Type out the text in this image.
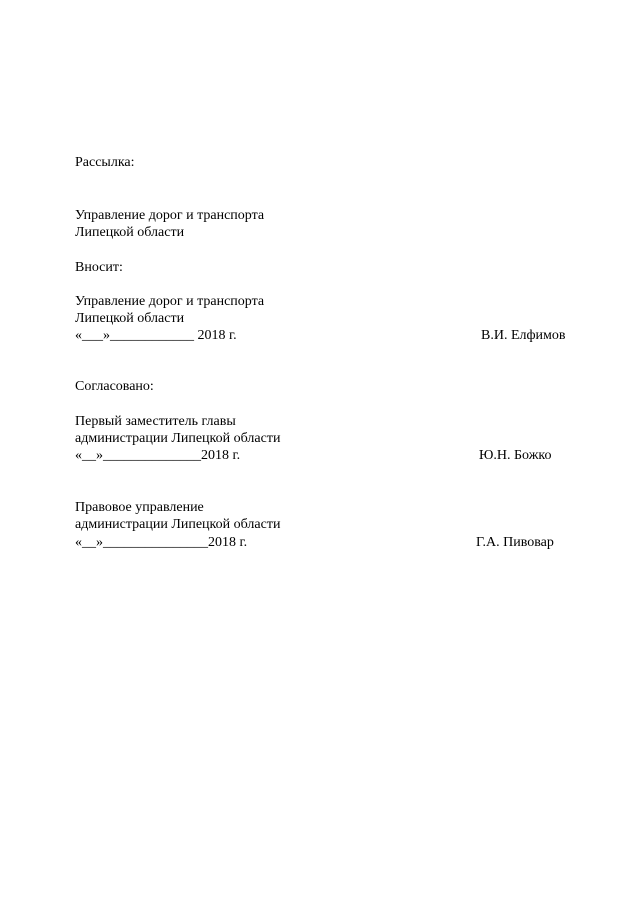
Рассылка:
Управление дорог и транспорта
Липецкой области
Вносит:
Управление дорог и транспорта
Липецкой области
«___»____________ 2018 г.	В.И. Елфимов
Согласовано:
Первый заместитель главы
администрации Липецкой области
«__»______________2018 г.	Ю.Н. Божко
Правовое управление
администрации Липецкой области
«__»_______________2018 г.	Г.А. Пивовар
